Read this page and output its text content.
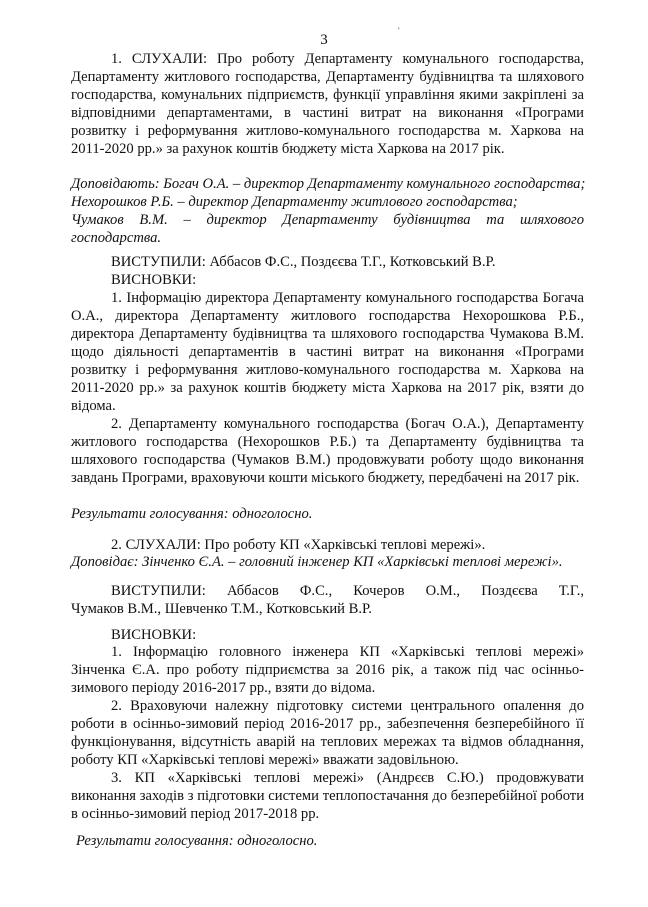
'
3
1. СЛУХАЛИ: Про роботу Департаменту комунального господарства,
Департаменту житлового господарства, Департаменту будівництва та шляхового господарства, комунальних підприємств, функції управління якими закріплені за відповідними департаментами, в частині витрат на виконання «Програми розвитку і реформування житлово-комунального господарства м. Харкова на 2011-2020 рр.» за рахунок коштів бюджету міста Харкова на 2017 рік.
Доповідають: Богач О.А. – директор Департаменту комунального господарства;
Нехорошков Р.Б. – директор Департаменту житлового господарства;
Чумаков В.М. – директор Департаменту будівництва та шляхового господарства.
ВИСТУПИЛИ: Аббасов Ф.С., Поздєєва Т.Г., Котковський В.Р.
ВИСНОВКИ:

1. Інформацію директора Департаменту комунального господарства Богача О.А., директора Департаменту житлового господарства Нехорошкова Р.Б., директора Департаменту будівництва та шляхового господарства Чумакова В.М. щодо діяльності департаментів в частині витрат на виконання «Програми розвитку і реформування житлово-комунального господарства м. Харкова на 2011-2020 рр.» за рахунок коштів бюджету міста Харкова на 2017 рік, взяти до відома.

2. Департаменту комунального господарства (Богач О.А.), Департаменту житлового господарства (Нехорошков Р.Б.) та Департаменту будівництва та шляхового господарства (Чумаков В.М.) продовжувати роботу щодо виконання завдань Програми, враховуючи кошти міського бюджету, передбачені на 2017 рік.

Результати голосування: одноголосно.
2. СЛУХАЛИ: Про роботу КП «Харківські теплові мережі».
Доповідає: Зінченко Є.А. – головний інженер КП «Харківські теплові мережі».
ВИСТУПИЛИ: Аббасов Ф.С., Кочеров О.М., Поздєєва Т.Г.,
Чумаков В.М., Шевченко Т.М., Котковський В.Р.
ВИСНОВКИ:

1. Інформацію головного інженера КП «Харківські теплові мережі» Зінченка Є.А. про роботу підприємства за 2016 рік, а також під час осінньо-зимового періоду 2016-2017 рр., взяти до відома.

2. Враховуючи належну підготовку системи центрального опалення до роботи в осінньо-зимовий період 2016-2017 рр., забезпечення безперебійного її функціонування, відсутність аварій на теплових мережах та відмов обладнання, роботу КП «Харківські теплові мережі» вважати задовільною.

3. КП «Харківські теплові мережі» (Андрєєв С.Ю.) продовжувати виконання заходів з підготовки системи теплопостачання до безперебійної роботи в осінньо-зимовий період 2017-2018 рр.

Результати голосування: одноголосно.
